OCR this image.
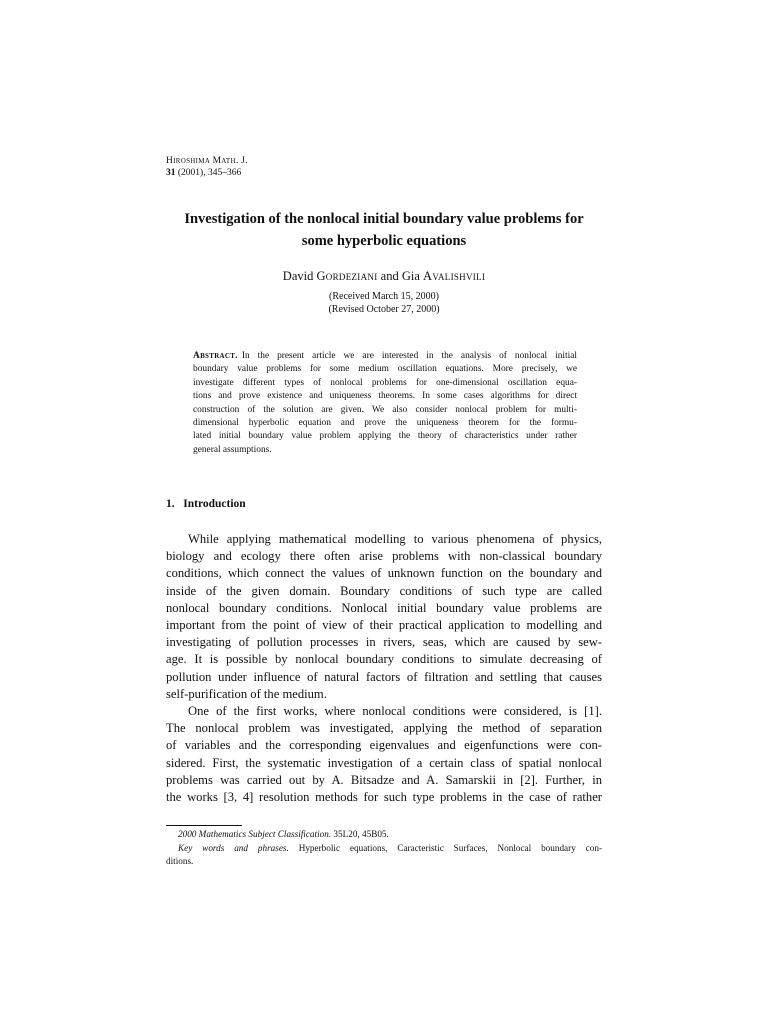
Hiroshima Math. J.
31 (2001), 345–366
Investigation of the nonlocal initial boundary value problems for
some hyperbolic equations
David Gordeziani and Gia Avalishvili
(Received March 15, 2000)
(Revised October 27, 2000)
Abstract. In the present article we are interested in the analysis of nonlocal initial
boundary value problems for some medium oscillation equations. More precisely, we
investigate different types of nonlocal problems for one-dimensional oscillation equa-
tions and prove existence and uniqueness theorems. In some cases algorithms for direct
construction of the solution are given. We also consider nonlocal problem for multi-
dimensional hyperbolic equation and prove the uniqueness theorem for the formu-
lated initial boundary value problem applying the theory of characteristics under rather
general assumptions.
1. Introduction
While applying mathematical modelling to various phenomena of physics,
biology and ecology there often arise problems with non-classical boundary
conditions, which connect the values of unknown function on the boundary and
inside of the given domain. Boundary conditions of such type are called
nonlocal boundary conditions. Nonlocal initial boundary value problems are
important from the point of view of their practical application to modelling and
investigating of pollution processes in rivers, seas, which are caused by sew-
age. It is possible by nonlocal boundary conditions to simulate decreasing of
pollution under influence of natural factors of filtration and settling that causes
self-purification of the medium.
One of the first works, where nonlocal conditions were considered, is [1].
The nonlocal problem was investigated, applying the method of separation
of variables and the corresponding eigenvalues and eigenfunctions were con-
sidered. First, the systematic investigation of a certain class of spatial nonlocal
problems was carried out by A. Bitsadze and A. Samarskii in [2]. Further, in
the works [3, 4] resolution methods for such type problems in the case of rather
2000 Mathematics Subject Classification. 35L20, 45B05.
Key words and phrases. Hyperbolic equations, Caracteristic Surfaces, Nonlocal boundary con-
ditions.
